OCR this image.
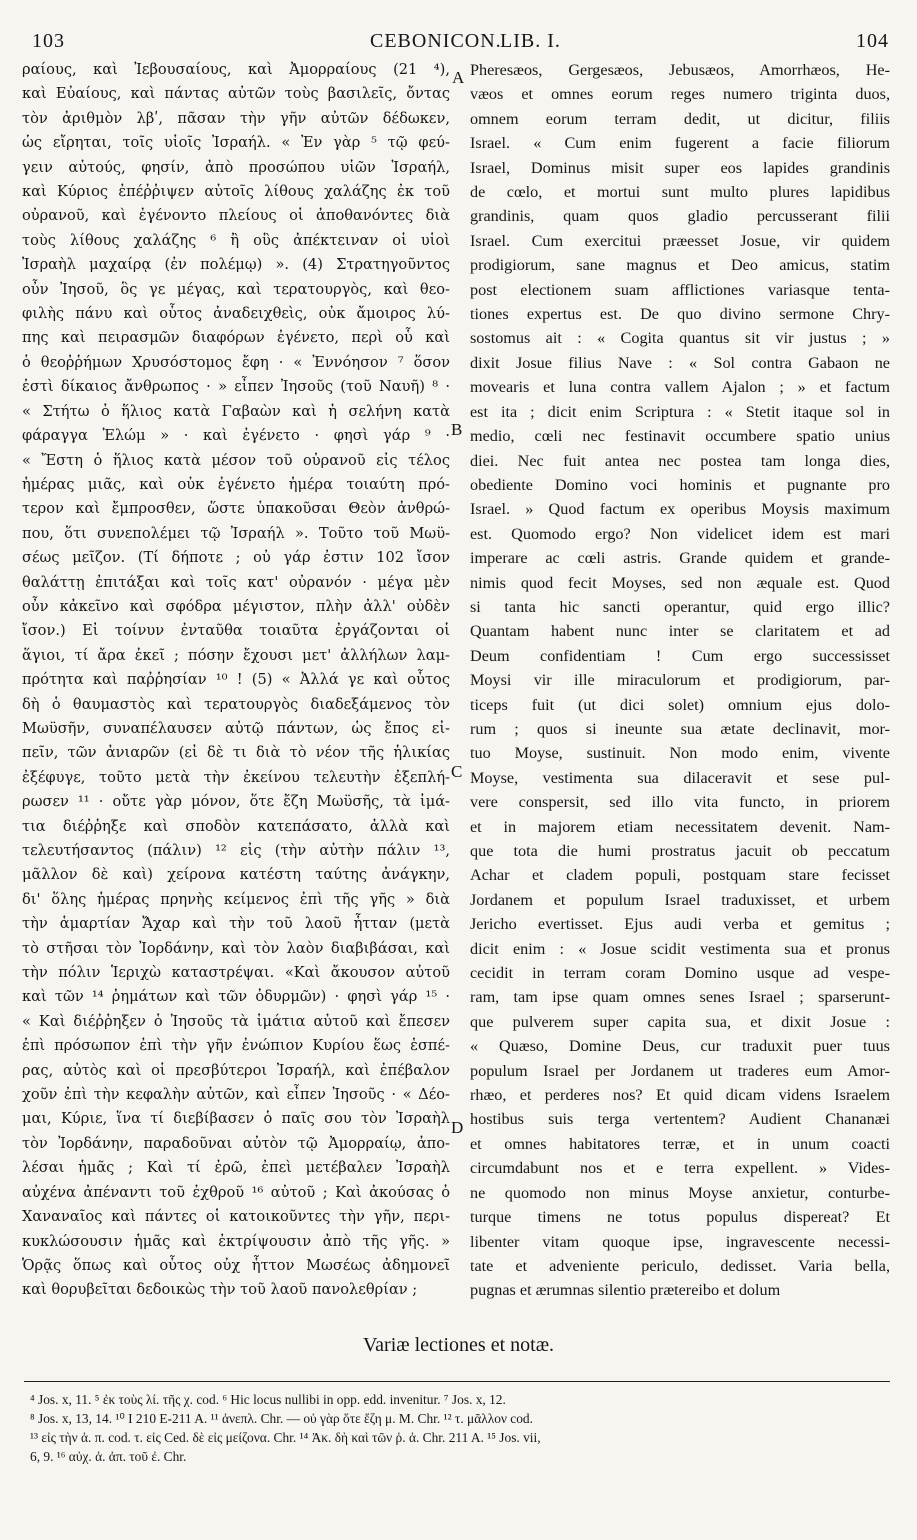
103	CEBONICON.
LIB. I.	104
ραίους, καὶ Ἰεβουσαίους, καὶ Ἀμορραίους (21 ⁴),
καὶ Εὐαίους, καὶ πάντας αὐτῶν τοὺς βασιλεῖς, ὄντας
τὸν ἀριθμὸν λβʹ, πᾶσαν τὴν γῆν αὐτῶν δέδωκεν,
ὡς εἴρηται, τοῖς υἱοῖς Ἰσραήλ. « Ἐν γὰρ ⁵ τῷ φεύ-
γειν αὐτούς, φησίν, ἀπὸ προσώπου υἱῶν Ἰσραήλ,
καὶ Κύριος ἐπέῤῥιψεν αὐτοῖς λίθους χαλάζης ἐκ τοῦ
οὐρανοῦ, καὶ ἐγένοντο πλείους οἱ ἀποθανόντες διὰ
τοὺς λίθους χαλάζης ⁶ ἢ οὓς ἀπέκτειναν οἱ υἱοὶ
Ἰσραὴλ μαχαίρᾳ (ἐν πολέμῳ) ». (4) Στρατηγοῦντος
οὖν Ἰησοῦ, ὃς γε μέγας, καὶ τερατουργὸς, καὶ θεο-
φιλὴς πάνυ καὶ οὗτος ἀναδειχθεὶς, οὐκ ἄμοιρος λύ-
πης καὶ πειρασμῶν διαφόρων ἐγένετο, περὶ οὗ καὶ
ὁ θεοῤῥήμων Χρυσόστομος ἔφη · « Ἐννόησον ⁷ ὅσον
ἐστὶ δίκαιος ἄνθρωπος · » εἶπεν Ἰησοῦς (τοῦ Ναυῆ) ⁸ ·
« Στήτω ὁ ἥλιος κατὰ Γαβαὼν καὶ ἡ σελήνη κατὰ
φάραγγα Ἐλώμ » · καὶ ἐγένετο · φησὶ γάρ ⁹ ·
« Ἔστη ὁ ἥλιος κατὰ μέσον τοῦ οὐρανοῦ εἰς τέλος
ἡμέρας μιᾶς, καὶ οὐκ ἐγένετο ἡμέρα τοιαύτη πρό-
τερον καὶ ἔμπροσθεν, ὥστε ὑπακοῦσαι Θεὸν ἀνθρώ-
που, ὅτι συνεπολέμει τῷ Ἰσραήλ ». Τοῦτο τοῦ Μωϋ-
σέως μεῖζον. (Τί δήποτε ; οὐ γάρ ἐστιν 102 ἴσον
θαλάττῃ ἐπιτάξαι καὶ τοῖς κατ' οὐρανόν · μέγα μὲν
οὖν κἀκεῖνο καὶ σφόδρα μέγιστον, πλὴν ἀλλ' οὐδὲν
ἴσον.) Εἰ τοίνυν ἐνταῦθα τοιαῦτα ἐργάζονται οἱ
ἅγιοι, τί ἄρα ἐκεῖ ; πόσην ἔχουσι μετ' ἀλλήλων λαμ-
πρότητα καὶ παῤῥησίαν ¹⁰ ! (5) « Ἀλλά γε καὶ οὗτος
δὴ ὁ θαυμαστὸς καὶ τερατουργὸς διαδεξάμενος τὸν
Μωϋσῆν, συναπέλαυσεν αὐτῷ πάντων, ὡς ἔπος εἰ-
πεῖν, τῶν ἀνιαρῶν (εἰ δὲ τι διὰ τὸ νέον τῆς ἡλικίας
ἐξέφυγε, τοῦτο μετὰ τὴν ἐκείνου τελευτὴν ἐξεπλή-
ρωσεν ¹¹ · οὔτε γὰρ μόνον, ὅτε ἔζη Μωϋσῆς, τὰ ἱμά-
τια διέῤῥηξε καὶ σποδὸν κατεπάσατο, ἀλλὰ καὶ
τελευτήσαντος (πάλιν) ¹² εἰς (τὴν αὐτὴν πάλιν ¹³,
μᾶλλον δὲ καὶ) χείρονα κατέστη ταύτης ἀνάγκην,
δι' ὅλης ἡμέρας πρηνὴς κείμενος ἐπὶ τῆς γῆς » διὰ
τὴν ἁμαρτίαν Ἄχαρ καὶ τὴν τοῦ λαοῦ ἧτταν (μετὰ
τὸ στῆσαι τὸν Ἰορδάνην, καὶ τὸν λαὸν διαβιβάσαι, καὶ
τὴν πόλιν Ἱεριχὼ καταστρέψαι. «Καὶ ἄκουσον αὐτοῦ
καὶ τῶν ¹⁴ ῥημάτων καὶ τῶν ὀδυρμῶν) · φησὶ γάρ ¹⁵ ·
« Καὶ διέῤῥηξεν ὁ Ἰησοῦς τὰ ἱμάτια αὐτοῦ καὶ ἔπεσεν
ἐπὶ πρόσωπον ἐπὶ τὴν γῆν ἐνώπιον Κυρίου ἕως ἑσπέ-
ρας, αὐτὸς καὶ οἱ πρεσβύτεροι Ἰσραήλ, καὶ ἐπέβαλον
χοῦν ἐπὶ τὴν κεφαλὴν αὐτῶν, καὶ εἶπεν Ἰησοῦς · « Δέο-
μαι, Κύριε, ἵνα τί διεβίβασεν ὁ παῖς σου τὸν Ἰσραὴλ
τὸν Ἰορδάνην, παραδοῦναι αὐτὸν τῷ Ἀμορραίῳ, ἀπο-
λέσαι ἡμᾶς ; Καὶ τί ἐρῶ, ἐπεὶ μετέβαλεν Ἰσραὴλ
αὐχένα ἀπέναντι τοῦ ἐχθροῦ ¹⁶ αὐτοῦ ; Καὶ ἀκούσας ὁ
Χαναναῖος καὶ πάντες οἱ κατοικοῦντες τὴν γῆν, περι-
κυκλώσουσιν ἡμᾶς καὶ ἐκτρίψουσιν ἀπὸ τῆς γῆς. »
Ὁρᾷς ὅπως καὶ οὗτος οὐχ ἧττον Μωσέως ἀδημονεῖ
καὶ θορυβεῖται δεδοικὼς τὴν τοῦ λαοῦ πανολεθρίαν ;
Pheresæos, Gergesæos, Jebusæos, Amorrhæos, He-
væos et omnes eorum reges numero triginta duos,
omnem eorum terram dedit, ut dicitur, filiis
Israel. « Cum enim fugerent a facie filiorum
Israel, Dominus misit super eos lapides grandinis
de cœlo, et mortui sunt multo plures lapidibus
grandinis, quam quos gladio percusserant filii
Israel. Cum exercitui præesset Josue, vir quidem
prodigiorum, sane magnus et Deo amicus, statim
post electionem suam afflictiones variasque tenta-
tiones expertus est. De quo divino sermone Chry-
sostomus ait : « Cogita quantus sit vir justus ; »
dixit Josue filius Nave : « Sol contra Gabaon ne
movearis et luna contra vallem Ajalon ; » et factum
est ita ; dicit enim Scriptura : « Stetit itaque sol in
medio, cœli nec festinavit occumbere spatio unius
diei. Nec fuit antea nec postea tam longa dies,
obediente Domino voci hominis et pugnante pro
Israel. » Quod factum ex operibus Moysis maximum
est. Quomodo ergo? Non videlicet idem est mari
imperare ac cœli astris. Grande quidem et grande-
nimis quod fecit Moyses, sed non æquale est. Quod
si tanta hic sancti operantur, quid ergo illic?
Quantam habent nunc inter se claritatem et ad
Deum confidentiam ! Cum ergo successisset
Moysi vir ille miraculorum et prodigiorum, par-
ticeps fuit (ut dici solet) omnium ejus dolo-
rum ; quos si ineunte sua ætate declinavit, mor-
tuo Moyse, sustinuit. Non modo enim, vivente
Moyse, vestimenta sua dilaceravit et sese pul-
vere conspersit, sed illo vita functo, in priorem
et in majorem etiam necessitatem devenit. Nam-
que tota die humi prostratus jacuit ob peccatum
Achar et cladem populi, postquam stare fecisset
Jordanem et populum Israel traduxisset, et urbem
Jericho evertisset. Ejus audi verba et gemitus ;
dicit enim : « Josue scidit vestimenta sua et pronus
cecidit in terram coram Domino usque ad vespe-
ram, tam ipse quam omnes senes Israel ; sparserunt-
que pulverem super capita sua, et dixit Josue :
« Quæso, Domine Deus, cur traduxit puer tuus
populum Israel per Jordanem ut traderes eum Amor-
rhæo, et perderes nos? Et quid dicam videns Israelem
hostibus suis terga vertentem? Audient Chananæi
et omnes habitatores terræ, et in unum coacti
circumdabunt nos et e terra expellent. » Vides-
ne quomodo non minus Moyse anxietur, conturbe-
turque timens ne totus populus dispereat? Et
libenter vitam quoque ipse, ingravescente necessi-
tate et adveniente periculo, dedisset. Varia bella,
pugnas et ærumnas silentio prætereibo et dolum
A
B
C
D
Variæ lectiones et notæ.
⁴ Jos. x, 11. ⁵ ἐκ τοὺς λί. τῆς χ. cod. ⁶ Hic locus nullibi in opp. edd. invenitur. ⁷ Jos. x, 12.
⁸ Jos. x, 13, 14. ¹⁰ I 210 E-211 A. ¹¹ ἀνεπλ. Chr. — οὐ γὰρ ὅτε ἔζη μ. M. Chr. ¹² τ. μᾶλλον cod.
¹³ εἰς τὴν ἀ. π. cod. τ. εἰς Ced. δὲ εἰς μείζονα. Chr. ¹⁴ Ἀκ. δὴ καὶ τῶν ῥ. ἀ. Chr. 211 A. ¹⁵ Jos. vii,
6, 9. ¹⁶ αὐχ. ἀ. ἀπ. τοῦ ἐ. Chr.
